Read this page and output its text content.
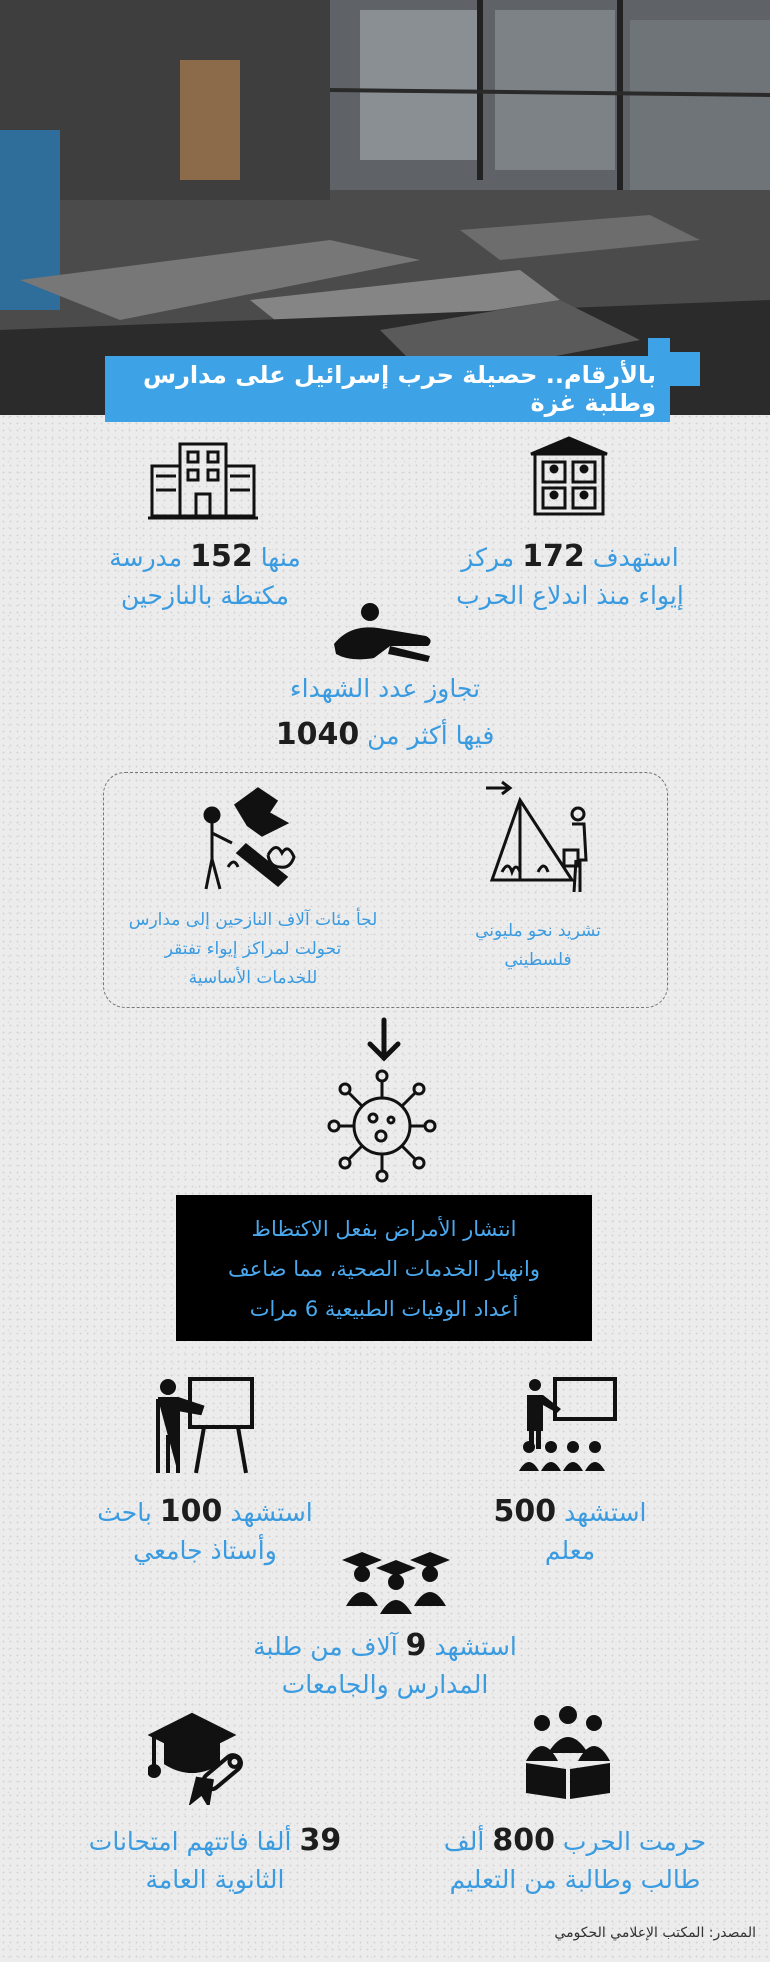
بالأرقام.. حصيلة حرب إسرائيل على مدارس وطلبة غزة
استهدف 172 مركز
إيواء منذ اندلاع الحرب
منها 152 مدرسة
مكتظة بالنازحين
تجاوز عدد الشهداء
فيها أكثر من 1040
تشريد نحو مليوني
فلسطيني
لجأ مئات آلاف النازحين إلى مدارس
تحولت لمراكز إيواء تفتقر
للخدمات الأساسية
انتشار الأمراض بفعل الاكتظاظ
وانهيار الخدمات الصحية، مما ضاعف
أعداد الوفيات الطبيعية 6 مرات
استشهد 500
معلم
استشهد 100 باحث
وأستاذ جامعي
استشهد 9 آلاف من طلبة
المدارس والجامعات
حرمت الحرب 800 ألف
طالب وطالبة من التعليم
39 ألفا فاتتهم امتحانات
الثانوية العامة
المصدر: المكتب الإعلامي الحكومي
